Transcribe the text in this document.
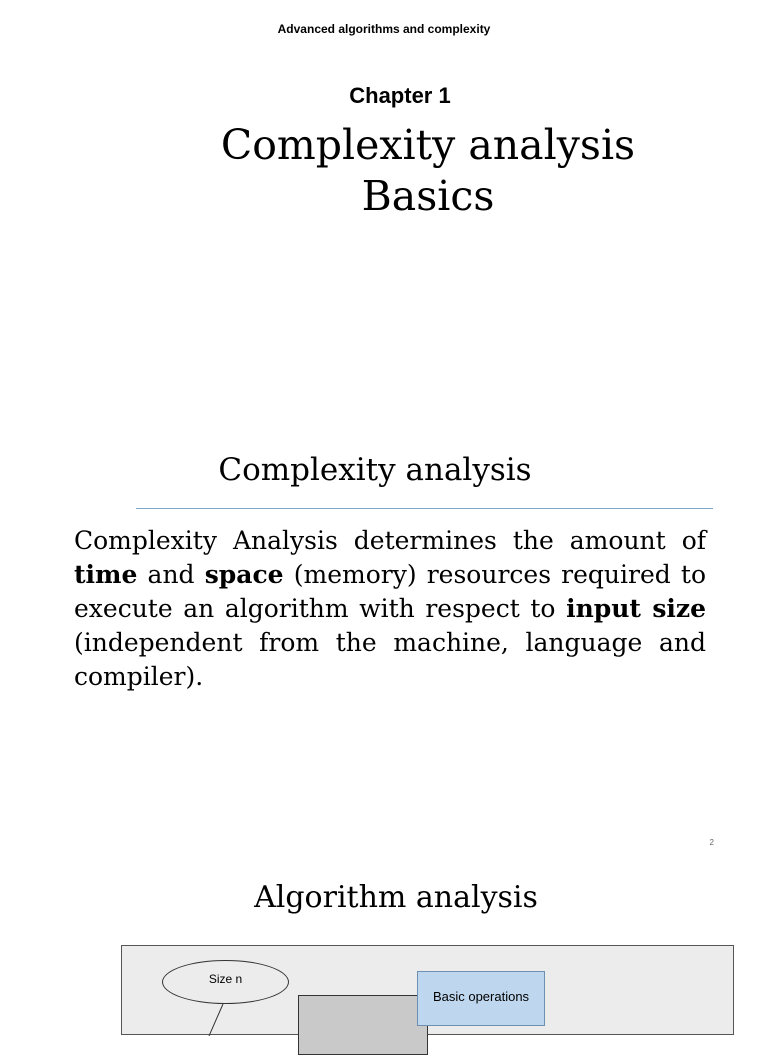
Advanced algorithms and complexity
Chapter 1
Complexity analysis
Basics
Complexity analysis
Complexity Analysis determines the amount of time and space (memory) resources required to execute an algorithm with respect to input size (independent from the machine, language and compiler).
2
Algorithm analysis
Size n
Basic operations
